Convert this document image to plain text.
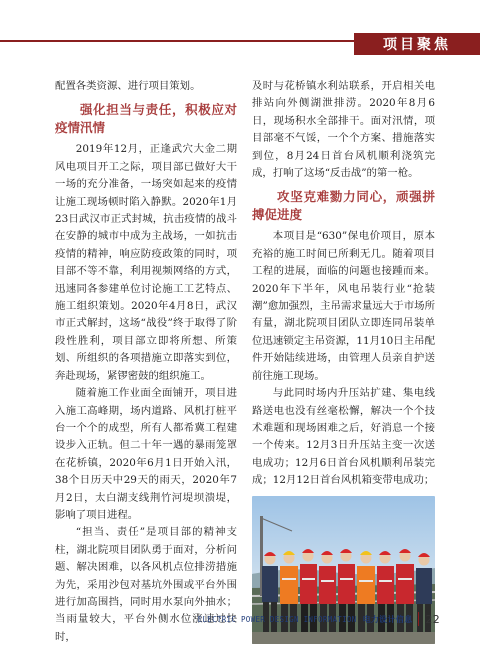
项目聚焦

配置各类资源、进行项目策划。

强化担当与责任，积极应对疫情汛情

2019年12月，正逢武穴大金二期风电项目开工之际，项目部已做好大干一场的充分准备，一场突如起来的疫情让施工现场顿时陷入静默。2020年1月23日武汉市正式封城，抗击疫情的战斗在安静的城市中成为主战场，一如抗击疫情的精神，响应防疫政策的同时，项目部不等不靠，利用视频网络的方式，迅速同各参建单位讨论施工工艺特点、施工组织策划。2020年4月8日，武汉市正式解封，这场“战役”终于取得了阶段性胜利，项目部立即将所想、所策划、所组织的各项措施立即落实到位，奔赴现场，紧锣密鼓的组织施工。

随着施工作业面全面铺开，项目进入施工高峰期，场内道路、风机打桩平台一个个的成型，所有人都希冀工程建设步入正轨。但二十年一遇的暴雨笼罩在花桥镇，2020年6月1日开始入汛，38个日历天中29天的雨天，2020年7月2日，太白湖支线荆竹河堤坝溃堤，影响了项目进程。

“担当、责任”是项目部的精神支柱，湖北院项目团队勇于面对，分析问题、解决困难，以各风机点位排涝措施为先，采用沙包对基坑外围或平台外围进行加高围挡，同时用水泵向外抽水；当雨量较大，平台外侧水位涨速过快时，

及时与花桥镇水利站联系，开启相关电排站向外侧湖泄排涝。2020年8月6日，现场积水全部排干。面对汛情，项目部毫不气馁，一个个方案、措施落实到位，8月24日首台风机顺利浇筑完成，打响了这场“反击战”的第一枪。

攻坚克难勠力同心，顽强拼搏促进度

本项目是“630”保电价项目，原本充裕的施工时间已所剩无几。随着项目工程的进展，面临的问题也接踵而来。2020年下半年，风电吊装行业“抢装潮”愈加强烈，主吊需求量远大于市场所有量，湖北院项目团队立即连同吊装单位迅速锁定主吊资源，11月10日主吊配件开始陆续进场，由管理人员亲自护送前往施工现场。

与此同时场内升压站扩建、集电线路送电也没有丝毫松懈，解决一个个技术难题和现场困难之后，好消息一个接一个传来。12月3日升压站主变一次送电成功；12月6日首台风机顺利吊装完成；12月12日首台风机箱变带电成功；

ELECTRIC POWER DESIGN INFORMATION 电力设计信息 22
